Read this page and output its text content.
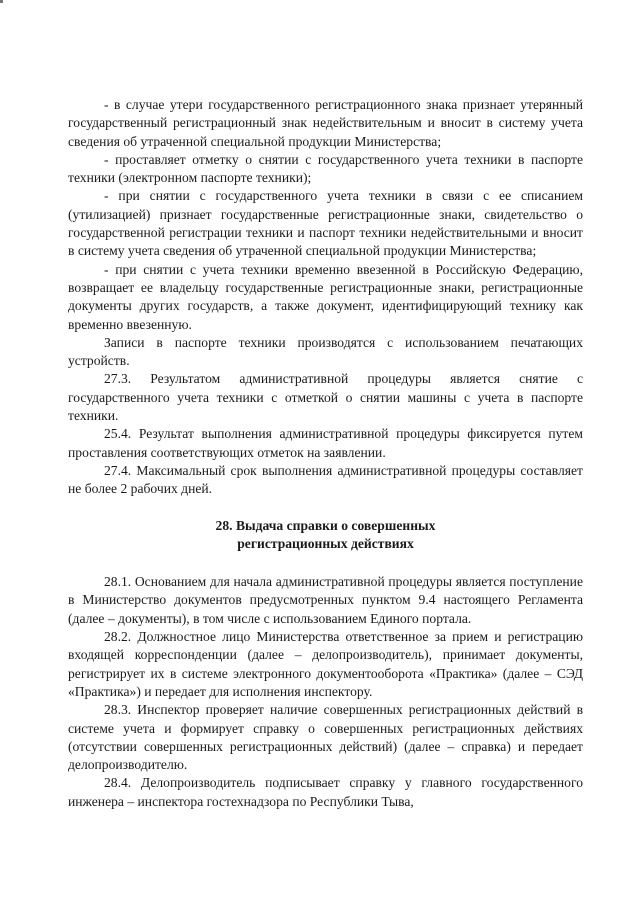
- в случае утери государственного регистрационного знака признает утерянный государственный регистрационный знак недействительным и вносит в систему учета сведения об утраченной специальной продукции Министерства;

- проставляет отметку о снятии с государственного учета техники в паспорте техники (электронном паспорте техники);

- при снятии с государственного учета техники в связи с ее списанием (утилизацией) признает государственные регистрационные знаки, свидетельство о государственной регистрации техники и паспорт техники недействительными и вносит в систему учета сведения об утраченной специальной продукции Министерства;

- при снятии с учета техники временно ввезенной в Российскую Федерацию, возвращает ее владельцу государственные регистрационные знаки, регистрационные документы других государств, а также документ, идентифицирующий технику как временно ввезенную.

Записи в паспорте техники производятся с использованием печатающих устройств.

27.3. Результатом административной процедуры является снятие с государственного учета техники с отметкой о снятии машины с учета в паспорте техники.

25.4. Результат выполнения административной процедуры фиксируется путем проставления соответствующих отметок на заявлении.

27.4. Максимальный срок выполнения административной процедуры составляет не более 2 рабочих дней.

28. Выдача справки о совершенных
регистрационных действиях

28.1. Основанием для начала административной процедуры является поступление в Министерство документов предусмотренных пунктом 9.4 настоящего Регламента (далее – документы), в том числе с использованием Единого портала.

28.2. Должностное лицо Министерства ответственное за прием и регистрацию входящей корреспонденции (далее – делопроизводитель), принимает документы, регистрирует их в системе электронного документооборота «Практика» (далее – СЭД «Практика») и передает для исполнения инспектору.

28.3. Инспектор проверяет наличие совершенных регистрационных действий в системе учета и формирует справку о совершенных регистрационных действиях (отсутствии совершенных регистрационных действий) (далее – справка) и передает делопроизводителю.

28.4. Делопроизводитель подписывает справку у главного государственного инженера – инспектора гостехнадзора по Республики Тыва,
